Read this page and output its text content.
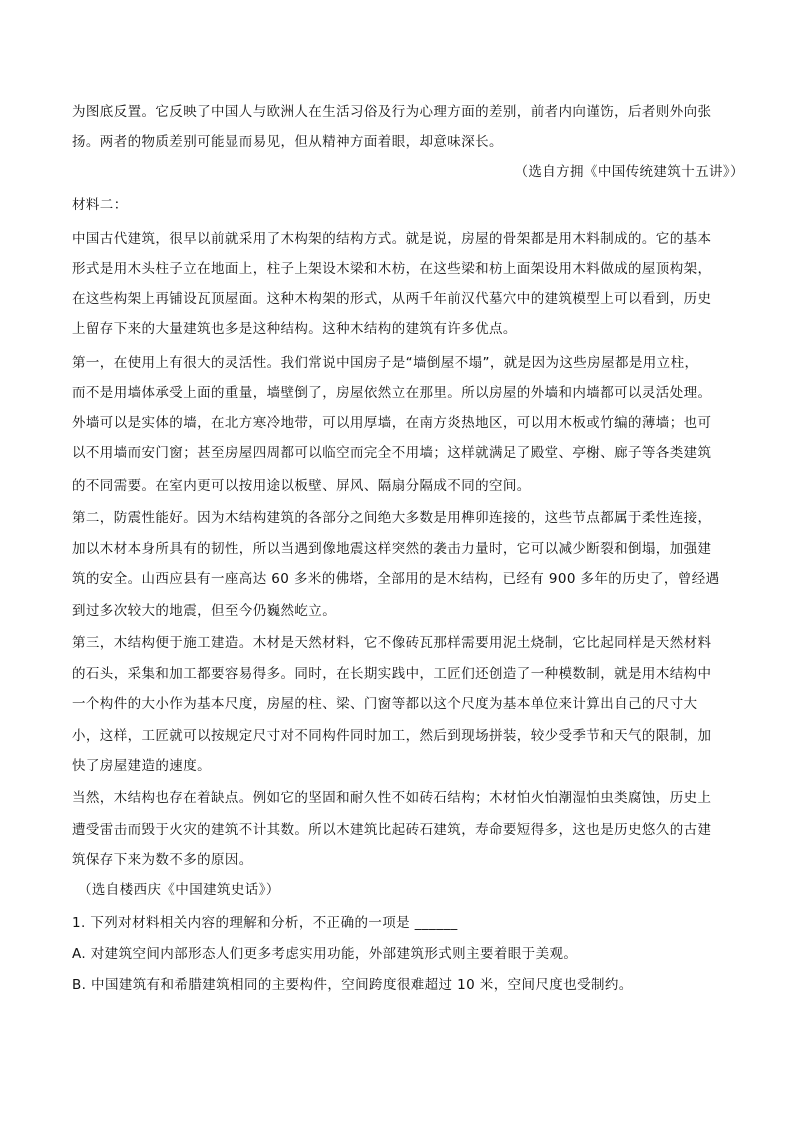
为图底反置。它反映了中国人与欧洲人在生活习俗及行为心理方面的差别，前者内向谨饬，后者则外向张
扬。两者的物质差别可能显而易见，但从精神方面着眼，却意味深长。
（选自方拥《中国传统建筑十五讲》）
材料二：
中国古代建筑，很早以前就采用了木构架的结构方式。就是说，房屋的骨架都是用木料制成的。它的基本
形式是用木头柱子立在地面上，柱子上架设木梁和木枋，在这些梁和枋上面架设用木料做成的屋顶构架，
在这些构架上再铺设瓦顶屋面。这种木构架的形式，从两千年前汉代墓穴中的建筑模型上可以看到，历史
上留存下来的大量建筑也多是这种结构。这种木结构的建筑有许多优点。
第一，在使用上有很大的灵活性。我们常说中国房子是“墙倒屋不塌”，就是因为这些房屋都是用立柱，
而不是用墙体承受上面的重量，墙壁倒了，房屋依然立在那里。所以房屋的外墙和内墙都可以灵活处理。
外墙可以是实体的墙，在北方寒冷地带，可以用厚墙，在南方炎热地区，可以用木板或竹编的薄墙；也可
以不用墙而安门窗；甚至房屋四周都可以临空而完全不用墙；这样就满足了殿堂、亭榭、廊子等各类建筑
的不同需要。在室内更可以按用途以板壁、屏风、隔扇分隔成不同的空间。
第二，防震性能好。因为木结构建筑的各部分之间绝大多数是用榫卯连接的，这些节点都属于柔性连接，
加以木材本身所具有的韧性，所以当遇到像地震这样突然的袭击力量时，它可以减少断裂和倒塌，加强建
筑的安全。山西应县有一座高达 60 多米的佛塔，全部用的是木结构，已经有 900 多年的历史了，曾经遇
到过多次较大的地震，但至今仍巍然屹立。
第三，木结构便于施工建造。木材是天然材料，它不像砖瓦那样需要用泥土烧制，它比起同样是天然材料
的石头，采集和加工都要容易得多。同时，在长期实践中，工匠们还创造了一种模数制，就是用木结构中
一个构件的大小作为基本尺度，房屋的柱、梁、门窗等都以这个尺度为基本单位来计算出自己的尺寸大
小，这样，工匠就可以按规定尺寸对不同构件同时加工，然后到现场拼装，较少受季节和天气的限制，加
快了房屋建造的速度。
当然，木结构也存在着缺点。例如它的坚固和耐久性不如砖石结构；木材怕火怕潮湿怕虫类腐蚀，历史上
遭受雷击而毁于火灾的建筑不计其数。所以木建筑比起砖石建筑，寿命要短得多，这也是历史悠久的古建
筑保存下来为数不多的原因。
（选自楼西庆《中国建筑史话》）
1. 下列对材料相关内容的理解和分析，不正确的一项是 ______
A. 对建筑空间内部形态人们更多考虑实用功能，外部建筑形式则主要着眼于美观。
B. 中国建筑有和希腊建筑相同的主要构件，空间跨度很难超过 10 米，空间尺度也受制约。
